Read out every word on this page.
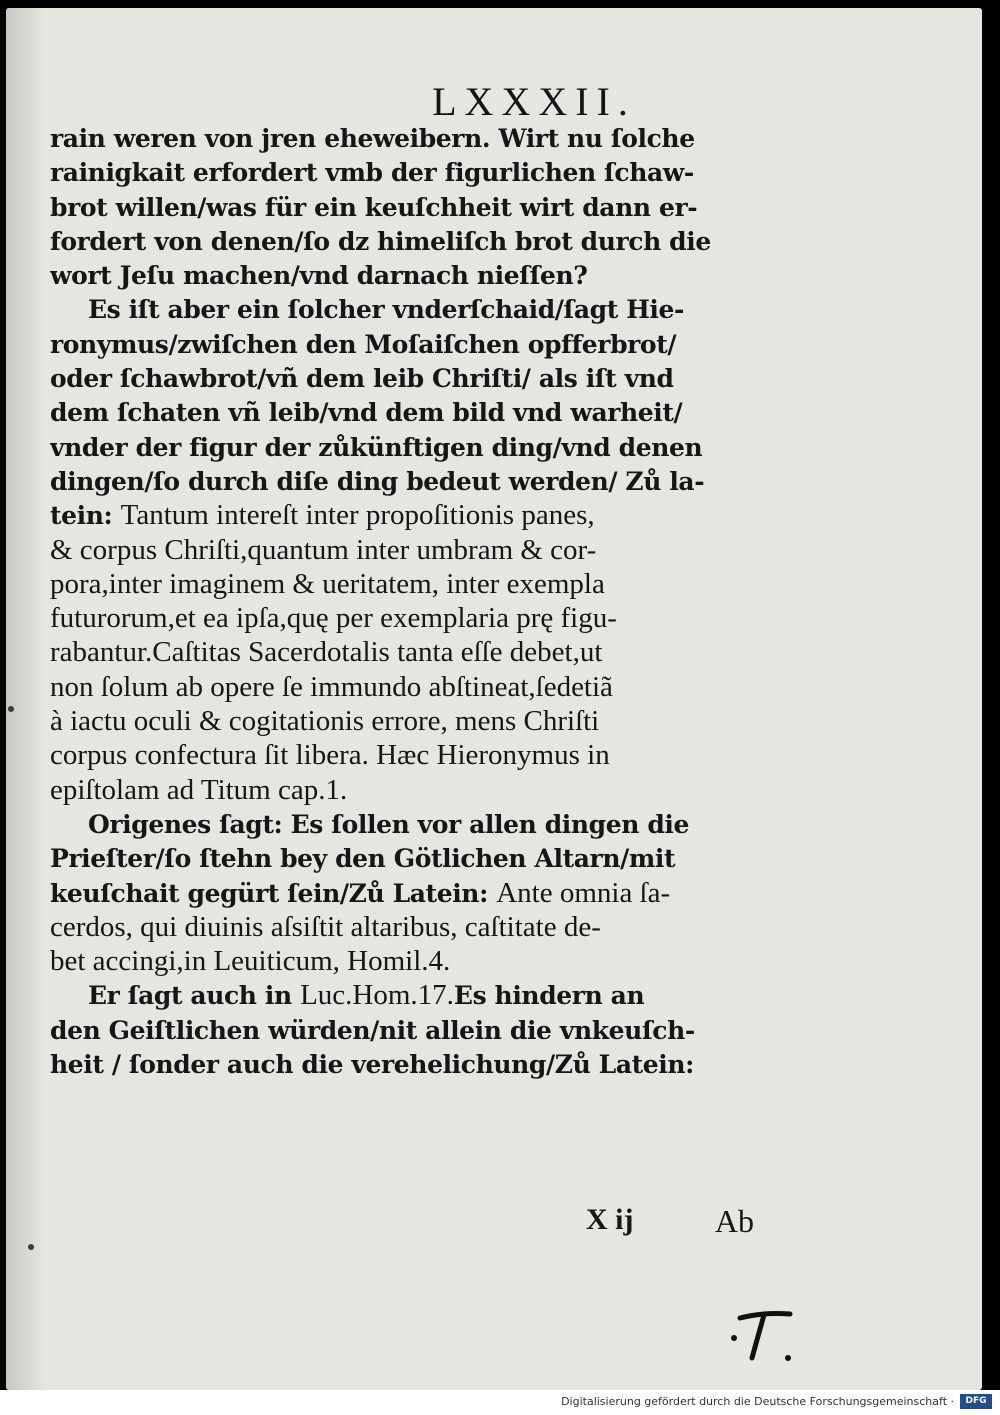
LXXXII.
rain weren von jren eheweibern. Wirt nu ſolche
rainigkait erfordert vmb der figurlichen ſchaw-
brot willen/was für ein keuſchheit wirt dann er-
fordert von denen/ſo dz himeliſch brot durch die
wort Jeſu machen/vnd darnach nieſſen?
Es iſt aber ein ſolcher vnderſchaid/ſagt Hie-
ronymus/zwiſchen den Moſaiſchen opfferbrot/
oder ſchawbrot/vñ dem leib Chriſti/ als iſt vnd
dem ſchaten vñ leib/vnd dem bild vnd warheit/
vnder der figur der zůkünftigen ding/vnd denen
dingen/ſo durch diſe ding bedeut werden/ Zů la-
tein: Tantum intereſt inter propoſitionis panes,
& corpus Chriſti,quantum inter umbram & cor-
pora,inter imaginem & ueritatem, inter exempla
futurorum,et ea ipſa,quę per exemplaria prę figu-
rabantur.Caſtitas Sacerdotalis tanta eſſe debet,ut
non ſolum ab opere ſe immundo abſtineat,ſedetiã
à iactu oculi & cogitationis errore, mens Chriſti
corpus confectura ſit libera. Hæc Hieronymus in
epiſtolam ad Titum cap.1.
Origenes ſagt: Es ſollen vor allen dingen die
Prieſter/ſo ſtehn bey den Götlichen Altarn/mit
keuſchait gegürt ſein/Zů Latein: Ante omnia ſa-
cerdos, qui diuinis aſsiſtit altaribus, caſtitate de-
bet accingi,in Leuiticum, Homil.4.
Er ſagt auch in Luc.Hom.17.Es hindern an
den Geiſtlichen würden/nit allein die vnkeuſch-
heit / ſonder auch die verehelichung/Zů Latein:
X ij	Ab
Digitalisierung gefördert durch die Deutsche Forschungsgemeinschaft ·	DFG
